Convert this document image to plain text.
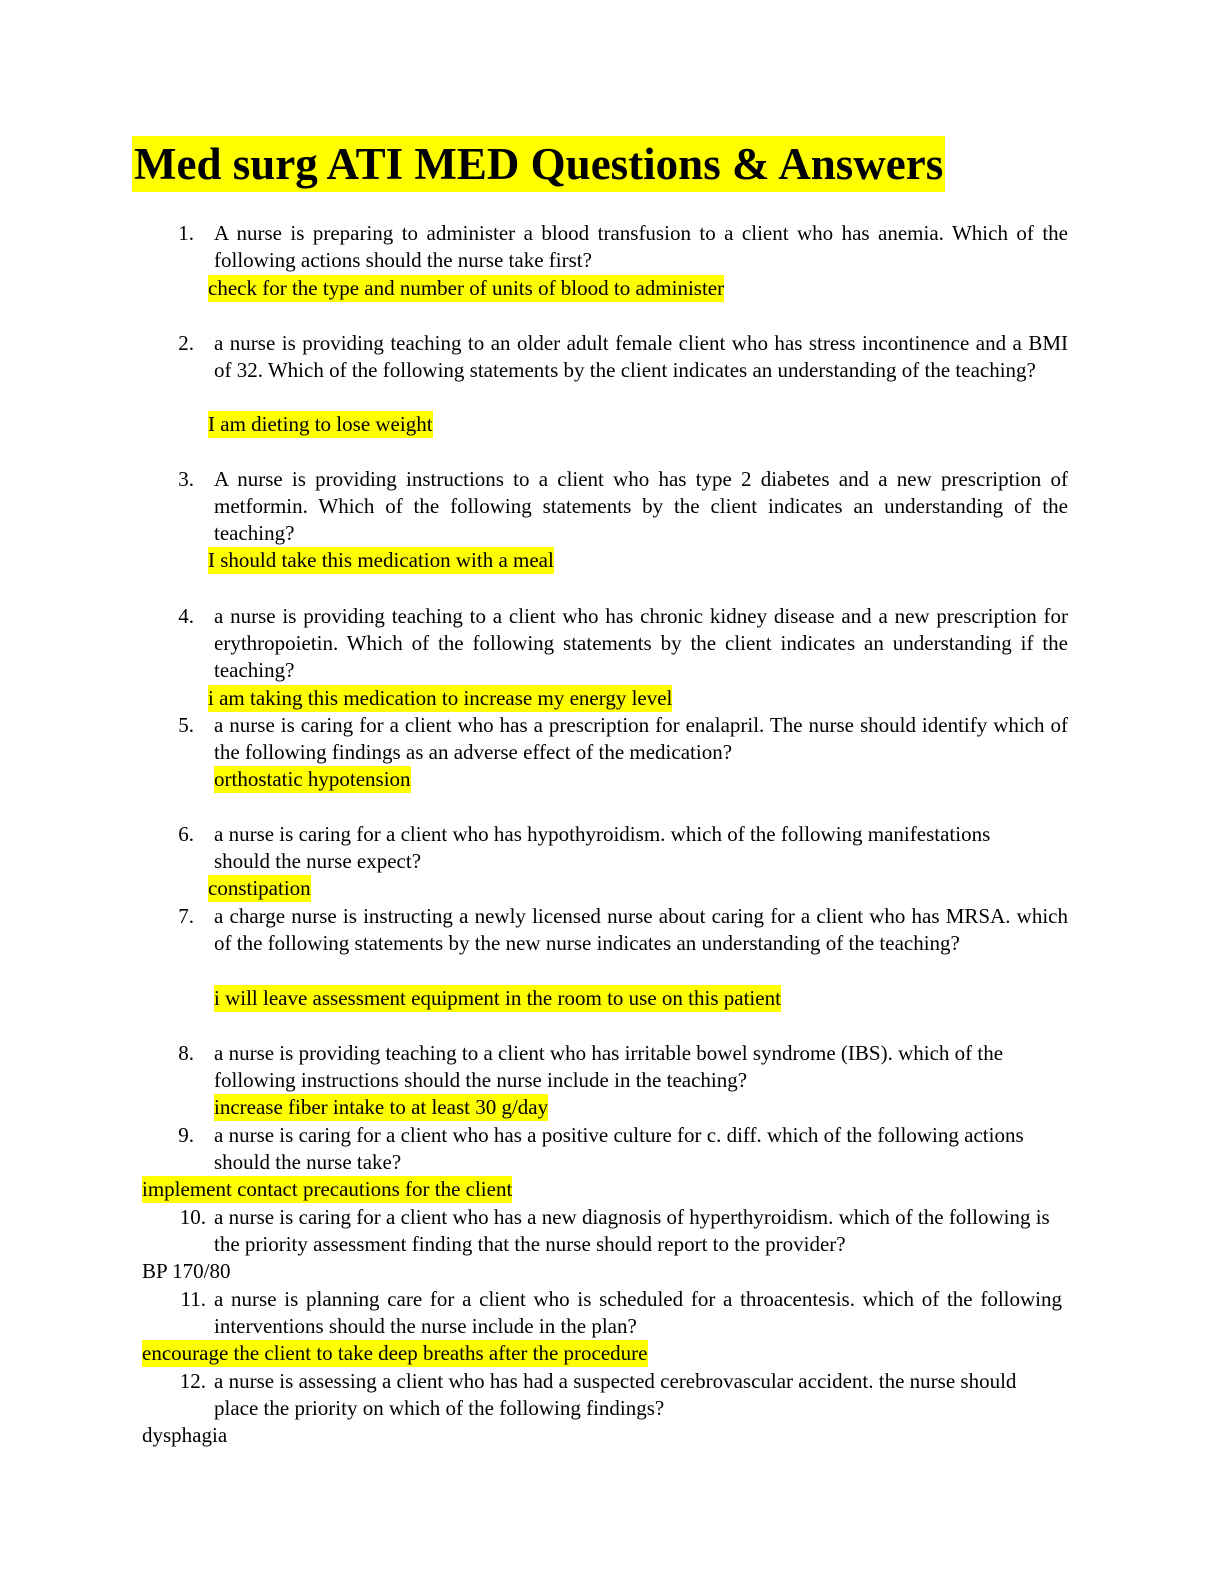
Med surg ATI MED Questions & Answers

1. A nurse is preparing to administer a blood transfusion to a client who has anemia. Which of the following actions should the nurse take first?

check for the type and number of units of blood to administer

2. a nurse is providing teaching to an older adult female client who has stress incontinence and a BMI of 32. Which of the following statements by the client indicates an understanding of the teaching?

I am dieting to lose weight

3. A nurse is providing instructions to a client who has type 2 diabetes and a new prescription of metformin. Which of the following statements by the client indicates an understanding of the teaching?

I should take this medication with a meal

4. a nurse is providing teaching to a client who has chronic kidney disease and a new prescription for erythropoietin. Which of the following statements by the client indicates an understanding if the teaching?

i am taking this medication to increase my energy level

5. a nurse is caring for a client who has a prescription for enalapril. The nurse should identify which of the following findings as an adverse effect of the medication?

orthostatic hypotension

6. a nurse is caring for a client who has hypothyroidism. which of the following manifestations should the nurse expect?

constipation

7. a charge nurse is instructing a newly licensed nurse about caring for a client who has MRSA. which of the following statements by the new nurse indicates an understanding of the teaching?

i will leave assessment equipment in the room to use on this patient

8. a nurse is providing teaching to a client who has irritable bowel syndrome (IBS). which of the following instructions should the nurse include in the teaching?

increase fiber intake to at least 30 g/day

9. a nurse is caring for a client who has a positive culture for c. diff. which of the following actions should the nurse take?

implement contact precautions for the client

10. a nurse is caring for a client who has a new diagnosis of hyperthyroidism. which of the following is the priority assessment finding that the nurse should report to the provider?

BP 170/80

11. a nurse is planning care for a client who is scheduled for a throacentesis. which of the following interventions should the nurse include in the plan?

encourage the client to take deep breaths after the procedure

12. a nurse is assessing a client who has had a suspected cerebrovascular accident. the nurse should place the priority on which of the following findings?

dysphagia
